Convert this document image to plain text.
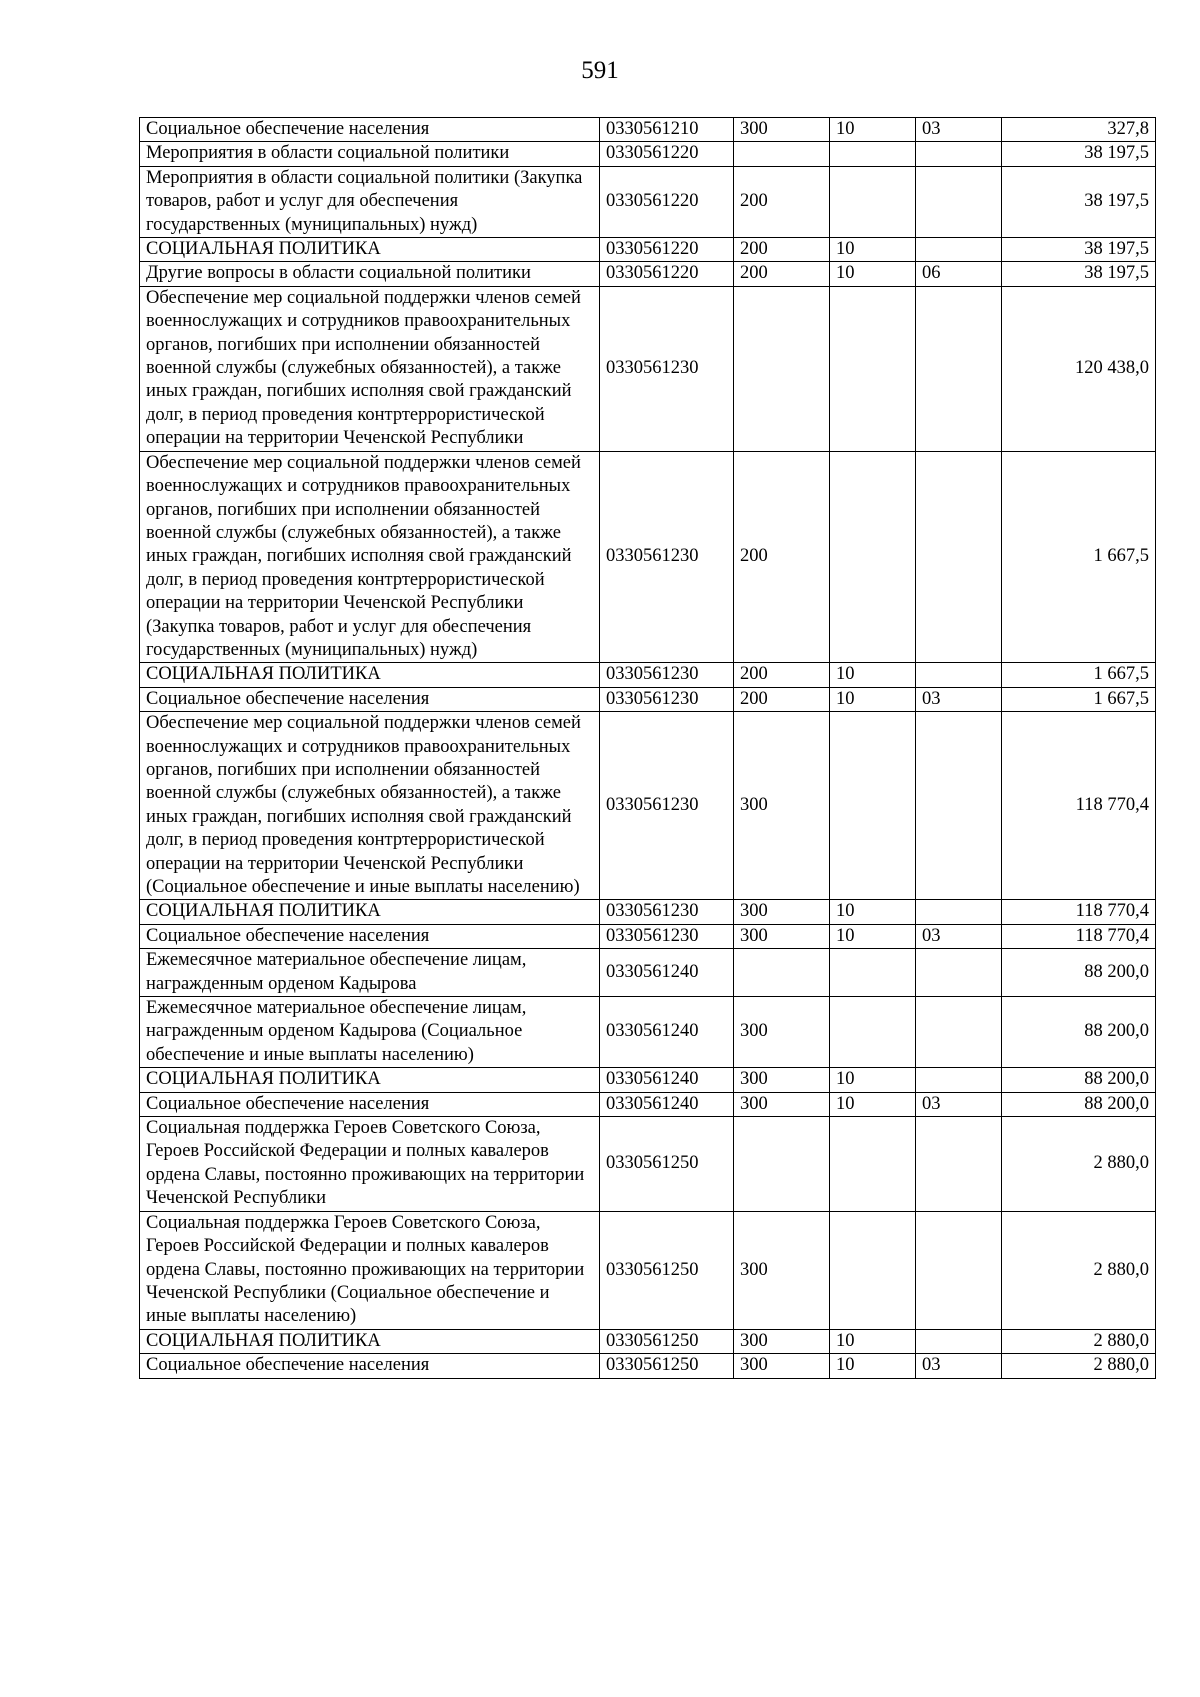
591
Социальное обеспечение населения	0330561210	300	10	03	327,8
Мероприятия в области социальной политики	0330561220				38 197,5
Мероприятия в области социальной политики (Закупка товаров, работ и услуг для обеспечения государственных (муниципальных) нужд)	0330561220	200			38 197,5
СОЦИАЛЬНАЯ ПОЛИТИКА	0330561220	200	10		38 197,5
Другие вопросы в области социальной политики	0330561220	200	10	06	38 197,5
Обеспечение мер социальной поддержки членов семей военнослужащих и сотрудников правоохранительных органов, погибших при исполнении обязанностей военной службы (служебных обязанностей), а также иных граждан, погибших исполняя свой гражданский долг, в период проведения контртеррористической операции на территории Чеченской Республики	0330561230				120 438,0
Обеспечение мер социальной поддержки членов семей военнослужащих и сотрудников правоохранительных органов, погибших при исполнении обязанностей военной службы (служебных обязанностей), а также иных граждан, погибших исполняя свой гражданский долг, в период проведения контртеррористической операции на территории Чеченской Республики (Закупка товаров, работ и услуг для обеспечения государственных (муниципальных) нужд)	0330561230	200			1 667,5
СОЦИАЛЬНАЯ ПОЛИТИКА	0330561230	200	10		1 667,5
Социальное обеспечение населения	0330561230	200	10	03	1 667,5
Обеспечение мер социальной поддержки членов семей военнослужащих и сотрудников правоохранительных органов, погибших при исполнении обязанностей военной службы (служебных обязанностей), а также иных граждан, погибших исполняя свой гражданский долг, в период проведения контртеррористической операции на территории Чеченской Республики (Социальное обеспечение и иные выплаты населению)	0330561230	300			118 770,4
СОЦИАЛЬНАЯ ПОЛИТИКА	0330561230	300	10		118 770,4
Социальное обеспечение населения	0330561230	300	10	03	118 770,4
Ежемесячное материальное обеспечение лицам, награжденным орденом Кадырова	0330561240				88 200,0
Ежемесячное материальное обеспечение лицам, награжденным орденом Кадырова (Социальное обеспечение и иные выплаты населению)	0330561240	300			88 200,0
СОЦИАЛЬНАЯ ПОЛИТИКА	0330561240	300	10		88 200,0
Социальное обеспечение населения	0330561240	300	10	03	88 200,0
Социальная поддержка Героев Советского Союза, Героев Российской Федерации и полных кавалеров ордена Славы, постоянно проживающих на территории Чеченской Республики	0330561250				2 880,0
Социальная поддержка Героев Советского Союза, Героев Российской Федерации и полных кавалеров ордена Славы, постоянно проживающих на территории Чеченской Республики (Социальное обеспечение и иные выплаты населению)	0330561250	300			2 880,0
СОЦИАЛЬНАЯ ПОЛИТИКА	0330561250	300	10		2 880,0
Социальное обеспечение населения	0330561250	300	10	03	2 880,0
